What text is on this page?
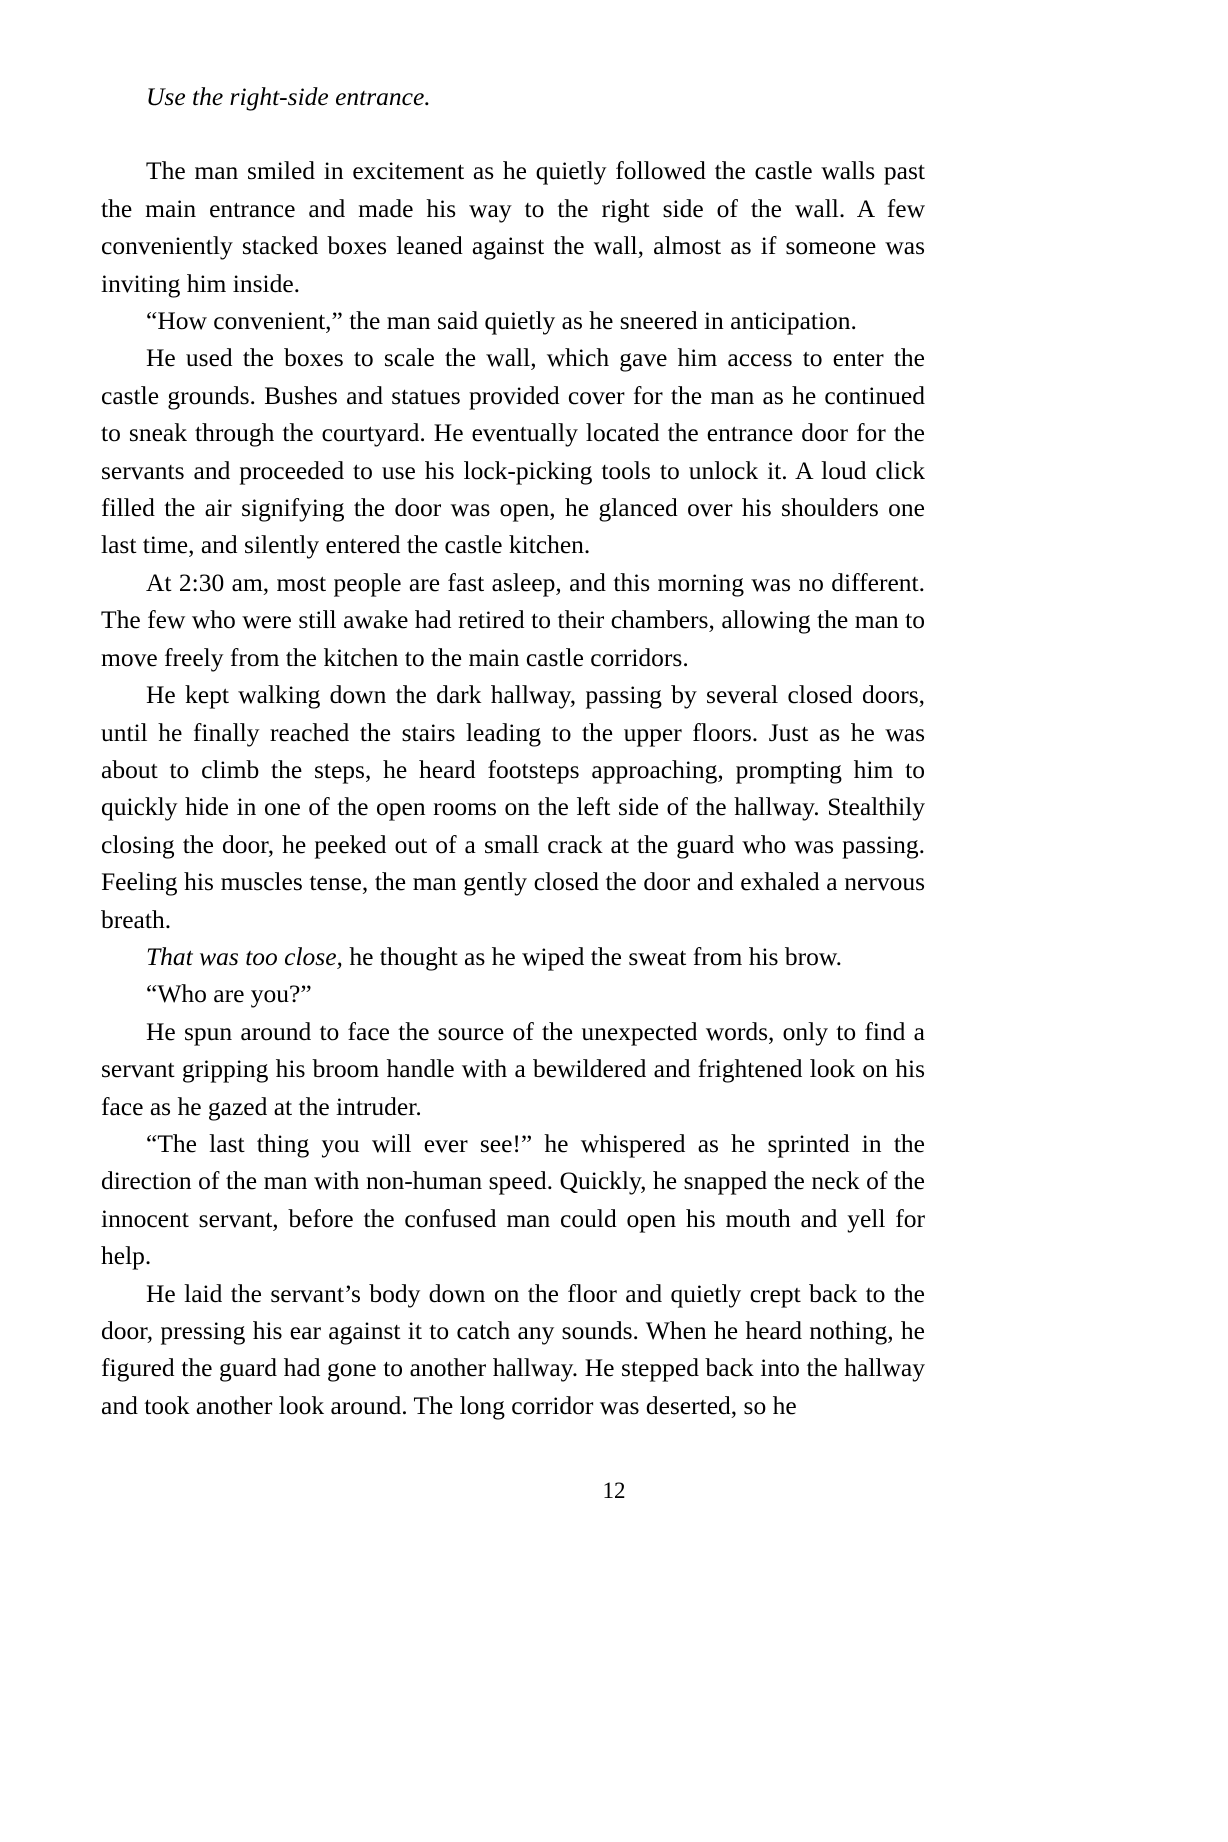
Use the right-side entrance.

The man smiled in excitement as he quietly followed the castle walls past the main entrance and made his way to the right side of the wall. A few conveniently stacked boxes leaned against the wall, almost as if someone was inviting him inside.

“How convenient,” the man said quietly as he sneered in anticipation.

He used the boxes to scale the wall, which gave him access to enter the castle grounds. Bushes and statues provided cover for the man as he continued to sneak through the courtyard. He eventually located the entrance door for the servants and proceeded to use his lock-picking tools to unlock it. A loud click filled the air signifying the door was open, he glanced over his shoulders one last time, and silently entered the castle kitchen.

At 2:30 am, most people are fast asleep, and this morning was no different. The few who were still awake had retired to their chambers, allowing the man to move freely from the kitchen to the main castle corridors.

He kept walking down the dark hallway, passing by several closed doors, until he finally reached the stairs leading to the upper floors. Just as he was about to climb the steps, he heard footsteps approaching, prompting him to quickly hide in one of the open rooms on the left side of the hallway. Stealthily closing the door, he peeked out of a small crack at the guard who was passing. Feeling his muscles tense, the man gently closed the door and exhaled a nervous breath.

That was too close, he thought as he wiped the sweat from his brow.

“Who are you?”

He spun around to face the source of the unexpected words, only to find a servant gripping his broom handle with a bewildered and frightened look on his face as he gazed at the intruder.

“The last thing you will ever see!” he whispered as he sprinted in the direction of the man with non-human speed. Quickly, he snapped the neck of the innocent servant, before the confused man could open his mouth and yell for help.

He laid the servant’s body down on the floor and quietly crept back to the door, pressing his ear against it to catch any sounds. When he heard nothing, he figured the guard had gone to another hallway. He stepped back into the hallway and took another look around. The long corridor was deserted, so he

12
